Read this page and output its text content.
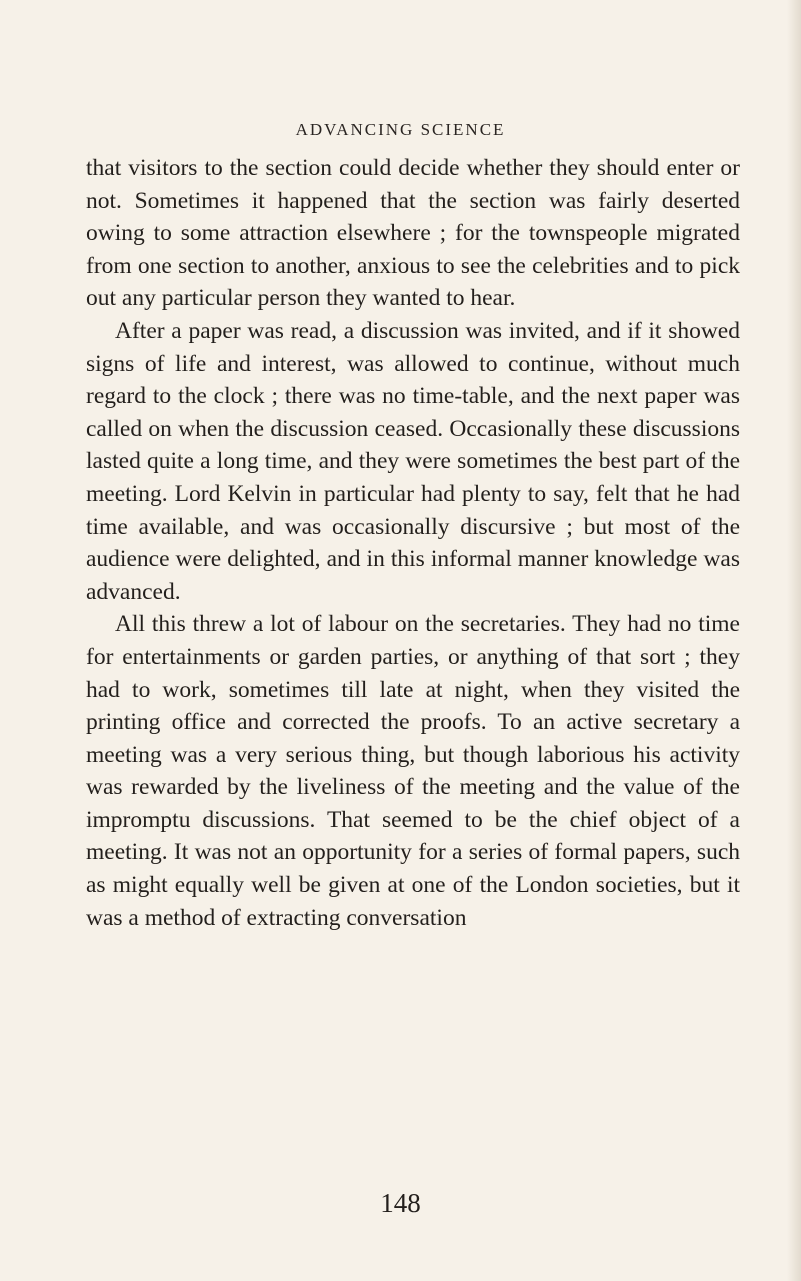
ADVANCING SCIENCE

that visitors to the section could decide whether they should enter or not. Sometimes it happened that the section was fairly deserted owing to some attraction elsewhere ; for the townspeople migrated from one section to another, anxious to see the celebrities and to pick out any particular person they wanted to hear.

After a paper was read, a discussion was invited, and if it showed signs of life and interest, was allowed to continue, without much regard to the clock ; there was no time-table, and the next paper was called on when the discussion ceased. Occasionally these discussions lasted quite a long time, and they were sometimes the best part of the meeting. Lord Kelvin in particular had plenty to say, felt that he had time available, and was occasionally discursive ; but most of the audience were delighted, and in this informal manner knowledge was advanced.

All this threw a lot of labour on the secretaries. They had no time for entertainments or garden parties, or anything of that sort ; they had to work, sometimes till late at night, when they visited the printing office and corrected the proofs. To an active secretary a meeting was a very serious thing, but though laborious his activity was rewarded by the liveliness of the meeting and the value of the impromptu discussions. That seemed to be the chief object of a meeting. It was not an opportunity for a series of formal papers, such as might equally well be given at one of the London societies, but it was a method of extracting conversation

148
